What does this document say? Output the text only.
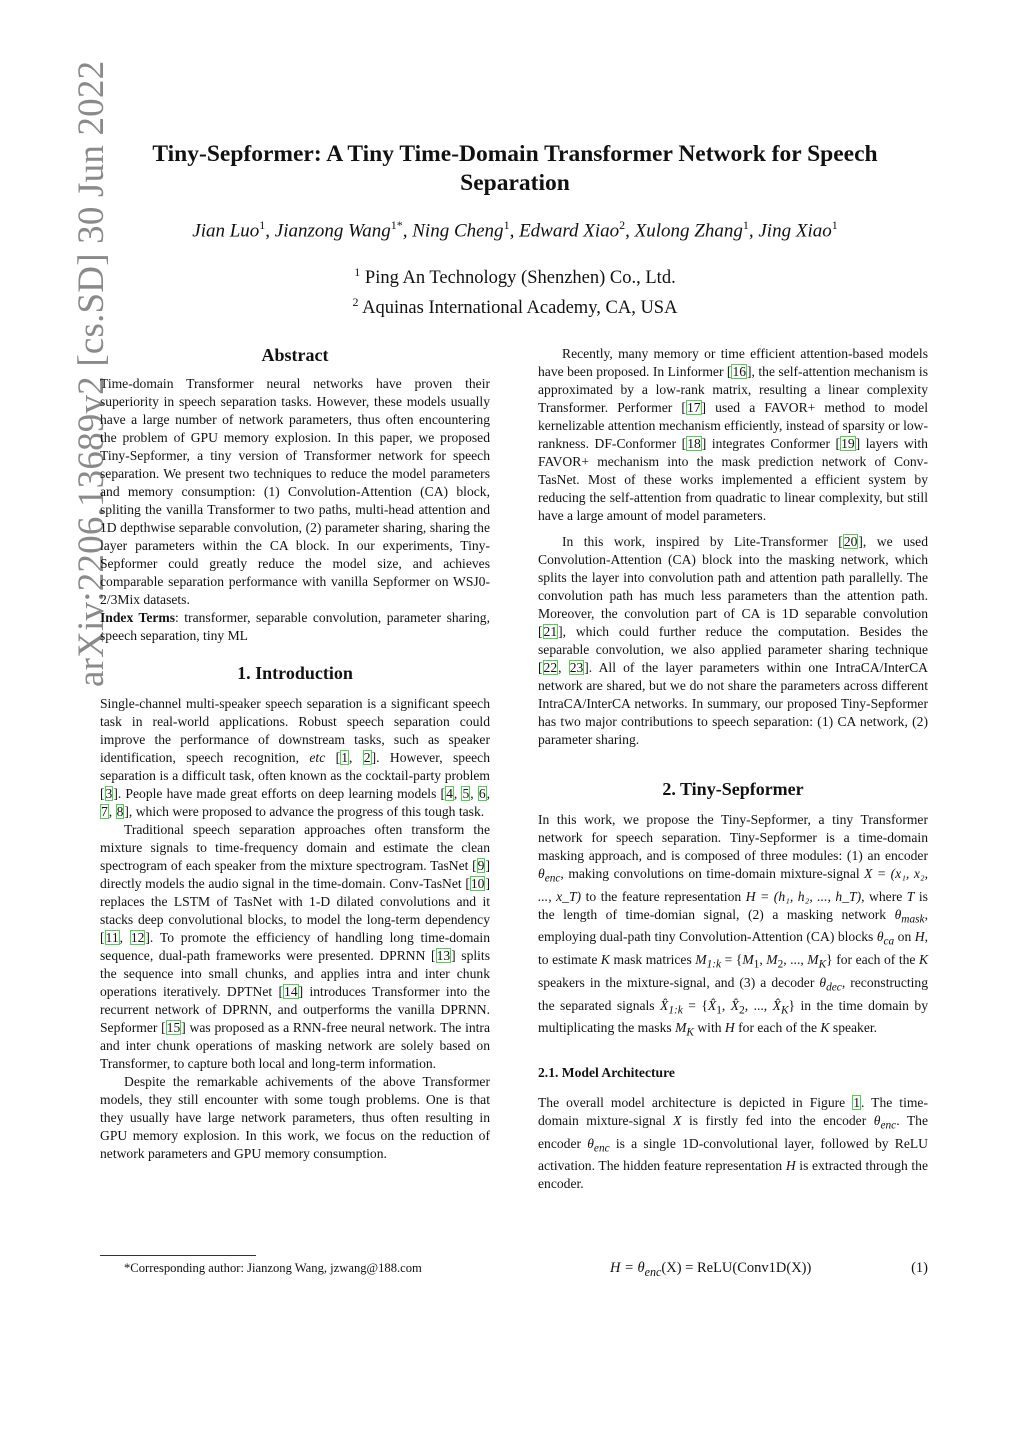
arXiv:2206.13689v2 [cs.SD] 30 Jun 2022	Tiny-Sepformer: A Tiny Time-Domain Transformer Network for Speech
Separation
Jian Luo$^1$, Jianzong Wang$^{1*}$, Ning Cheng$^1$, Edward Xiao$^2$, Xulong Zhang$^1$, Jing Xiao$^1$
$^1$ Ping An Technology (Shenzhen) Co., Ltd.
$^2$ Aquinas International Academy, CA, USA
Abstract

Time-domain Transformer neural networks have proven their superiority in speech separation tasks. However, these models usually have a large number of network parameters, thus often encountering the problem of GPU memory explosion. In this paper, we proposed Tiny-Sepformer, a tiny version of Transformer network for speech separation. We present two techniques to reduce the model parameters and memory consumption: (1) Convolution-Attention (CA) block, spliting the vanilla Transformer to two paths, multi-head attention and 1D depthwise separable convolution, (2) parameter sharing, sharing the layer parameters within the CA block. In our experiments, Tiny-Sepformer could greatly reduce the model size, and achieves comparable separation performance with vanilla Sepformer on WSJ0-2/3Mix datasets.

Index Terms: transformer, separable convolution, parameter sharing, speech separation, tiny ML

1. Introduction

Single-channel multi-speaker speech separation is a significant speech task in real-world applications. Robust speech separation could improve the performance of downstream tasks, such as speaker identification, speech recognition, etc [1, 2]. However, speech separation is a difficult task, often known as the cocktail-party problem [3]. People have made great efforts on deep learning models [4, 5, 6, 7, 8], which were proposed to advance the progress of this tough task.

Traditional speech separation approaches often transform the mixture signals to time-frequency domain and estimate the clean spectrogram of each speaker from the mixture spectrogram. TasNet [9] directly models the audio signal in the time-domain. Conv-TasNet [10] replaces the LSTM of TasNet with 1-D dilated convolutions and it stacks deep convolutional blocks, to model the long-term dependency [11, 12]. To promote the efficiency of handling long time-domain sequence, dual-path frameworks were presented. DPRNN [13] splits the sequence into small chunks, and applies intra and inter chunk operations iteratively. DPTNet [14] introduces Transformer into the recurrent network of DPRNN, and outperforms the vanilla DPRNN. Sepformer [15] was proposed as a RNN-free neural network. The intra and inter chunk operations of masking network are solely based on Transformer, to capture both local and long-term information.

Despite the remarkable achivements of the above Transformer models, they still encounter with some tough problems. One is that they usually have large network parameters, thus often resulting in GPU memory explosion. In this work, we focus on the reduction of network parameters and GPU memory consumption.

*Corresponding author: Jianzong Wang, jzwang@188.com

Recently, many memory or time efficient attention-based models have been proposed. In Linformer [16], the self-attention mechanism is approximated by a low-rank matrix, resulting a linear complexity Transformer. Performer [17] used a FAVOR+ method to model kernelizable attention mechanism efficiently, instead of sparsity or low-rankness. DF-Conformer [18] integrates Conformer [19] layers with FAVOR+ mechanism into the mask prediction network of Conv-TasNet. Most of these works implemented a efficient system by reducing the self-attention from quadratic to linear complexity, but still have a large amount of model parameters.

In this work, inspired by Lite-Transformer [20], we used Convolution-Attention (CA) block into the masking network, which splits the layer into convolution path and attention path parallelly. The convolution path has much less parameters than the attention path. Moreover, the convolution part of CA is 1D separable convolution [21], which could further reduce the computation. Besides the separable convolution, we also applied parameter sharing technique [22, 23]. All of the layer parameters within one IntraCA/InterCA network are shared, but we do not share the parameters across different IntraCA/InterCA networks. In summary, our proposed Tiny-Sepformer has two major contributions to speech separation: (1) CA network, (2) parameter sharing.

2. Tiny-Sepformer

In this work, we propose the Tiny-Sepformer, a tiny Transformer network for speech separation. Tiny-Sepformer is a time-domain masking approach, and is composed of three modules: (1) an encoder $\theta_{enc}$, making convolutions on time-domain mixture-signal X = (x₁, x₂, ..., x_T) to the feature representation H = (h₁, h₂, ..., h_T), where T is the length of time-domian signal, (2) a masking network $\theta_{mask}$, employing dual-path tiny Convolution-Attention (CA) blocks $\theta_{ca}$ on H, to estimate K mask matrices $M_{1:k} = \{M_1$, $M_2$, ..., $M_K$} for each of the K speakers in the mixture-signal, and (3) a decoder $\theta_{dec}$, reconstructing the separated signals $X̂_{1:k}$ = {$X̂_1$, $X̂_2$, ..., $X̂_K$} in the time domain by multiplicating the masks $M_K$ with H for each of the K speaker.

2.1. Model Architecture

The overall model architecture is depicted in Figure 1. The time-domain mixture-signal X is firstly fed into the encoder $\theta_{enc}$. The encoder $\theta_{enc}$ is a single 1D-convolutional layer, followed by ReLU activation. The hidden feature representation H is extracted through the encoder.

$H = \theta_{enc}(X)$ = ReLU(Conv1D(X))	(1)
